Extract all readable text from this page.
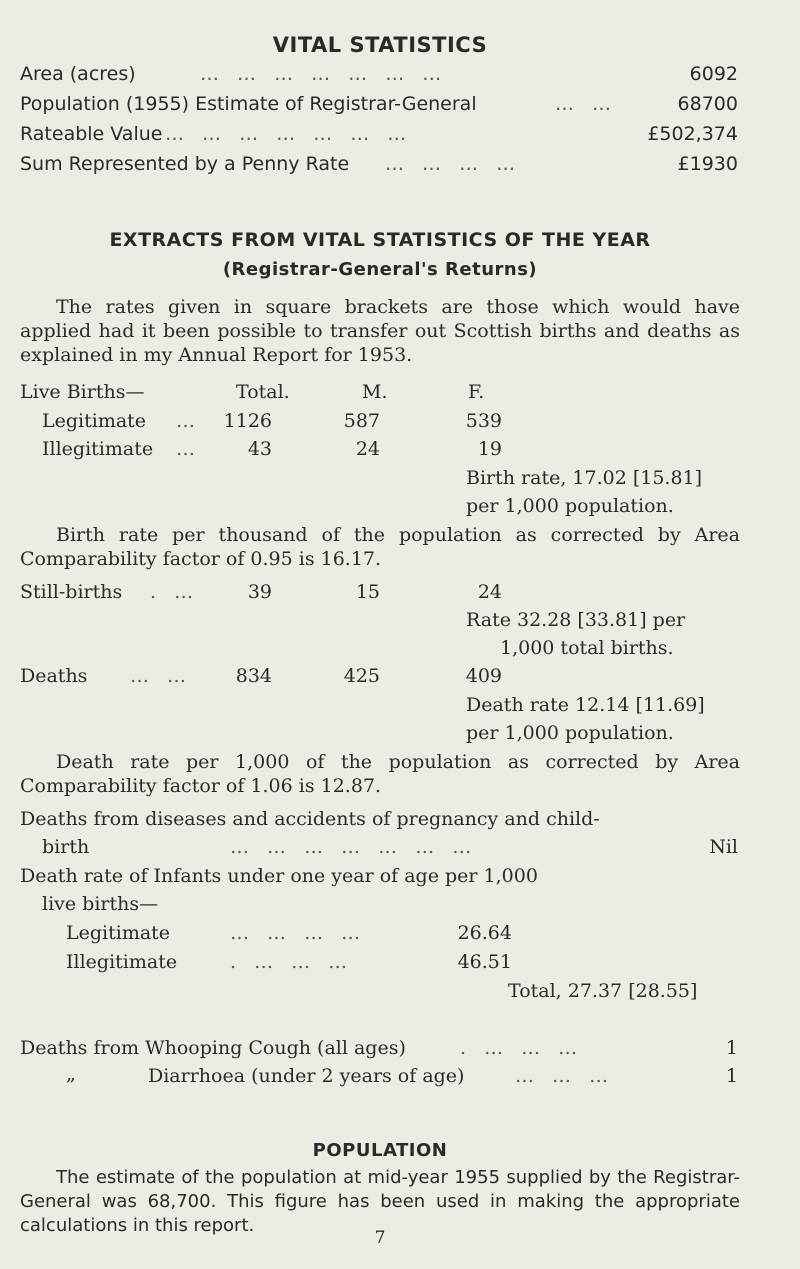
VITAL STATISTICS
Area (acres)	… … … … … … …	6092
Population (1955) Estimate of Registrar-General	… …	68700
Rateable Value … … … … … … …	£502,374
Sum Represented by a Penny Rate … … … …	£1930
EXTRACTS FROM VITAL STATISTICS OF THE YEAR
(Registrar-General's Returns)
The rates given in square brackets are those which would have applied had it been possible to transfer out Scottish births and deaths as explained in my Annual Report for 1953.
Live Births—	Total.	M.	F.
Legitimate …	1126	587	539
Illegitimate …	43	24	19
Birth rate, 17.02 [15.81]
per 1,000 population.
Birth rate per thousand of the population as corrected by Area Comparability factor of 0.95 is 16.17.
Still-births . …	39	15	24
Rate 32.28 [33.81] per
1,000 total births.
Deaths … …	834	425	409
Death rate 12.14 [11.69]
per 1,000 population.
Death rate per 1,000 of the population as corrected by Area Comparability factor of 1.06 is 12.87.
Deaths from diseases and accidents of pregnancy and child-
birth	… … … … … … …	Nil
Death rate of Infants under one year of age per 1,000
live births—
Legitimate	… … … …	26.64
Illegitimate	. … … …	46.51
Total, 27.37 [28.55]
Deaths from Whooping Cough (all ages)	. … … …	1
„	Diarrhoea (under 2 years of age)	… … …	1
POPULATION
The estimate of the population at mid-year 1955 supplied by the Registrar-General was 68,700. This figure has been used in making the appropriate calculations in this report.
7
